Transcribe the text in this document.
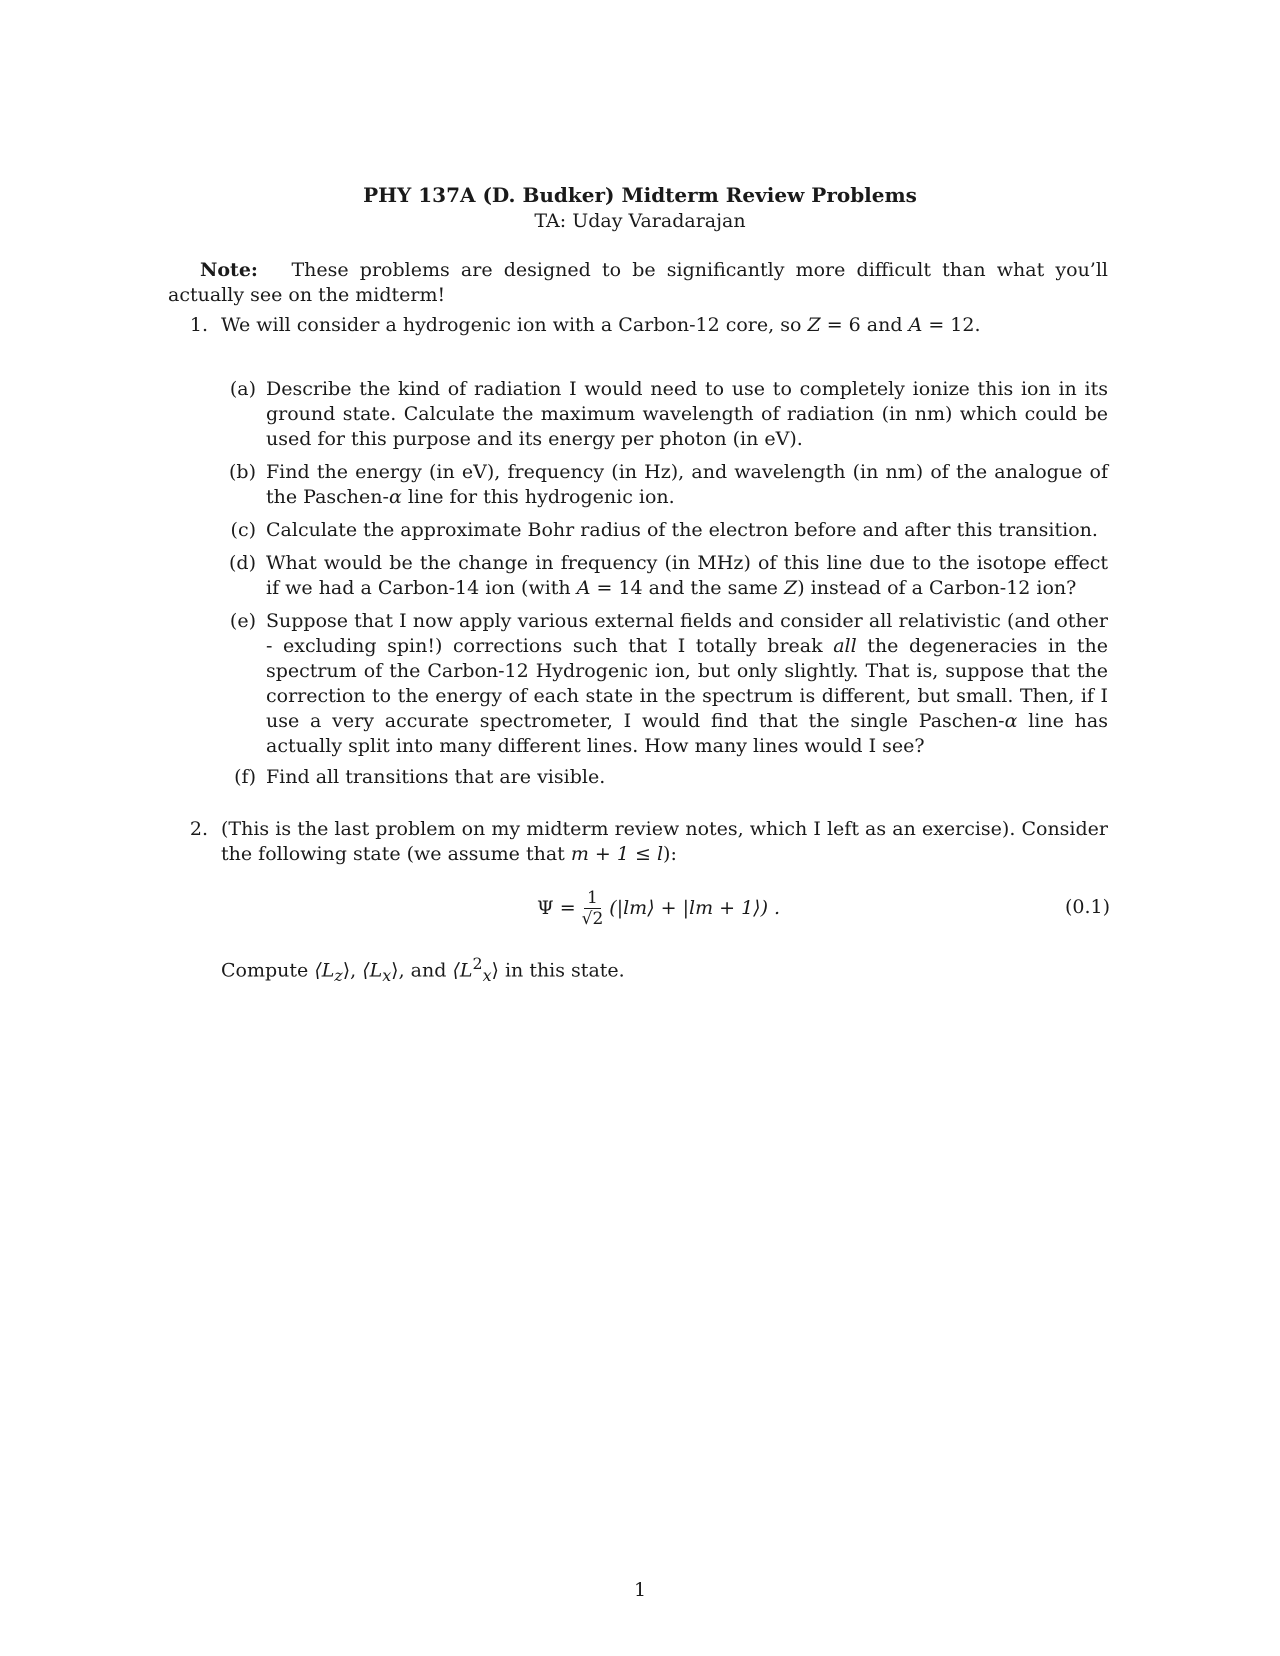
PHY 137A (D. Budker) Midterm Review Problems
TA: Uday Varadarajan
Note: These problems are designed to be significantly more difficult than what you’ll actually see on the midterm!
1. We will consider a hydrogenic ion with a Carbon-12 core, so Z = 6 and A = 12.
(a) Describe the kind of radiation I would need to use to completely ionize this ion in its ground state. Calculate the maximum wavelength of radiation (in nm) which could be used for this purpose and its energy per photon (in eV).
(b) Find the energy (in eV), frequency (in Hz), and wavelength (in nm) of the analogue of the Paschen-α line for this hydrogenic ion.
(c) Calculate the approximate Bohr radius of the electron before and after this transition.
(d) What would be the change in frequency (in MHz) of this line due to the isotope effect if we had a Carbon-14 ion (with A = 14 and the same Z) instead of a Carbon-12 ion?
(e) Suppose that I now apply various external fields and consider all relativistic (and other - excluding spin!) corrections such that I totally break all the degeneracies in the spectrum of the Carbon-12 Hydrogenic ion, but only slightly. That is, suppose that the correction to the energy of each state in the spectrum is different, but small. Then, if I use a very accurate spectrometer, I would find that the single Paschen-α line has actually split into many different lines. How many lines would I see?
(f) Find all transitions that are visible.
2. (This is the last problem on my midterm review notes, which I left as an exercise). Consider the following state (we assume that m + 1 ≤ l):
$\Psi = \frac{1}{√2}$ (|lm⟩ + |lm + 1⟩) .	(0.1)
Compute $⟨L_z⟩$, $⟨L_x⟩$, and $⟨L^2_x⟩$ in this state.
1
